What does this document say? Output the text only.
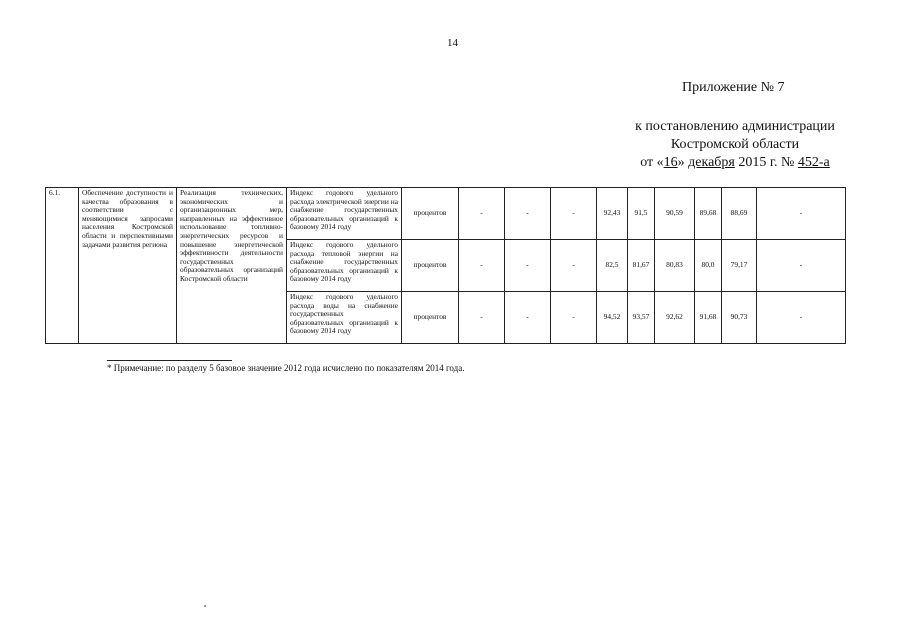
14
Приложение № 7
к постановлению администрации
Костромской области
от «16» декабря 2015 г. № 452-а
6.1.	Обеспечение доступности и качества образования в соответствии с меняющимися запросами населения Костромской области и перспективными задачами развития региона	Реализация технических, экономических и организационных мер, направленных на эффективное использование топливно-энергетических ресурсов и повышение энергетической эффективности деятельности государственных образовательных организаций Костромской области	Индекс годового удельного расхода электрической энергии на снабжение государственных образовательных организаций к базовому 2014 году	процентов	-	-	-	92,43	91,5	90,59	89,68	88,69	-
			Индекс годового удельного расхода тепловой энергии на снабжение государственных образовательных организаций к базовому 2014 году	процентов	-	-	-	82,5	81,67	80,83	80,0	79,17	-
			Индекс годового удельного расхода воды на снабжение государственных образовательных организаций к базовому 2014 году	процентов	-	-	-	94,52	93,57	92,62	91,68	90,73	-
* Примечание: по разделу 5 базовое значение 2012 года исчислено по показателям 2014 года.
